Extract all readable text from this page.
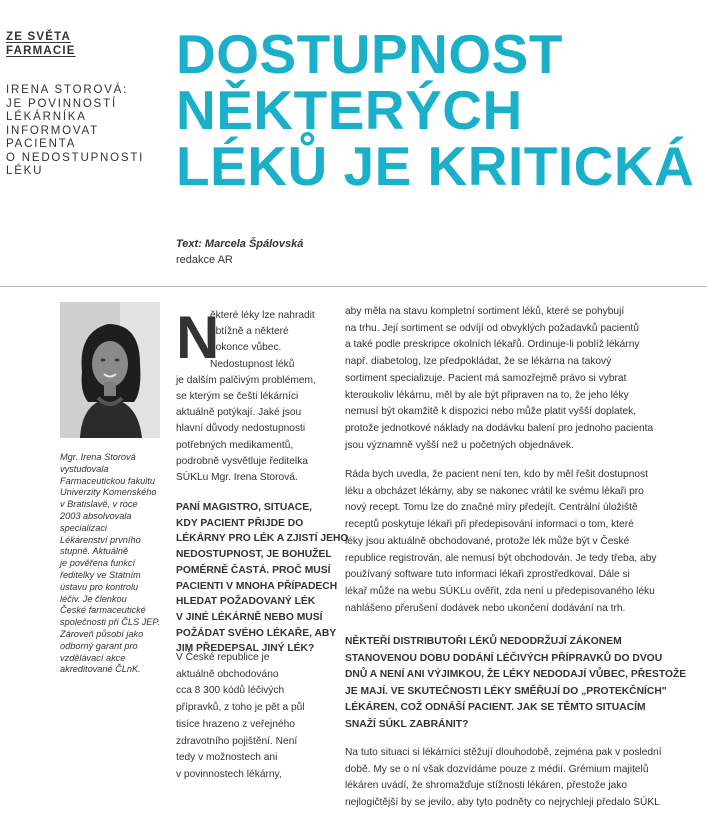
ZE SVĚTA
FARMACIE
IRENA STOROVÁ:
JE POVINNOSTÍ
LÉKÁRNÍKA
INFORMOVAT
PACIENTA
O NEDOSTUPNOSTI
LÉKU
DOSTUPNOST
NĚKTERÝCH
LÉKŮ JE KRITICKÁ
Text: Marcela Špálovská
redakce AR
Mgr. Irena Storová
vystudovala
Farmaceutickou fakultu
Univerzity Komenského
v Bratislavě, v roce
2003 absolvovala
specializaci
Lékárenství prvního
stupně. Aktuálně
je pověřena funkcí
ředitelky ve Státním
ústavu pro kontrolu
léčiv. Je členkou
České farmaceutické
společnosti při ČLS JEP.
Zároveň působí jako
odborný garant pro
vzdělávací akce
akreditované ČLnK.
N
ěkteré léky lze nahradit
obtížně a některé
dokonce vůbec.
Nedostupnost léků
je dalším palčivým problémem,
se kterým se češti lékárníci
aktuálně potýkají. Jaké jsou
hlavní důvody nedostupnosti
potřebných medikamentů,
podrobně vysvětluje ředitelka
SÚKLu Mgr. Irena Storová.
PANÍ MAGISTRO, SITUACE,
KDY PACIENT PŘIJDE DO
LÉKÁRNY PRO LÉK A ZJISTÍ JEHO
NEDOSTUPNOST, JE BOHUŽEL
POMĚRNĚ ČASTÁ. PROČ MUSÍ
PACIENTI V MNOHA PŘÍPADECH
HLEDAT POŽADOVANÝ LÉK
V JINÉ LÉKÁRNĚ NEBO MUSÍ
POŽÁDAT SVÉHO LÉKAŘE, ABY
JIM PŘEDEPSAL JINÝ LÉK?
V České republice je
aktuálně obchodováno
cca 8 300 kódů léčivých
přípravků, z toho je pět a půl
tisíce hrazeno z veřejného
zdravotního pojištění. Není
tedy v možnostech ani
v povinnostech lékárny,
aby měla na stavu kompletní sortiment léků, které se pohybují
na trhu. Její sortiment se odvíjí od obvyklých požadavků pacientů
a také podle preskripce okolních lékařů. Ordinuje-li poblíž lékárny
např. diabetolog, lze předpokládat, že se lékárna na takový
sortiment specializuje. Pacient má samozřejmě právo si vybrat
kteroukoliv lékárnu, měl by ale být připraven na to, že jeho léky
nemusí být okamžitě k dispozici nebo může platit vyšší doplatek,
protože jednotkové náklady na dodávku balení pro jednoho pacienta
jsou významně vyšší než u početných objednávek.
Ráda bych uvedla, že pacient není ten, kdo by měl řešit dostupnost
léku a obcházet lékárny, aby se nakonec vrátil ke svému lékaři pro
nový recept. Tomu lze do značné míry předejít. Centrální úložiště
receptů poskytuje lékaři při předepisování informaci o tom, které
léky jsou aktuálně obchodované, protože lék může být v České
republice registrován, ale nemusí být obchodován. Je tedy třeba, aby
používaný software tuto informaci lékaři zprostředkoval. Dále si
lékař může na webu SÚKLu ověřit, zda není u předepisovaného léku
nahlášeno přerušení dodávek nebo ukončení dodávání na trh.
NĚKTEŘÍ DISTRIBUTOŘI LÉKŮ NEDODRŽUJÍ ZÁKONEM
STANOVENOU DOBU DODÁNÍ LÉČIVÝCH PŘÍPRAVKŮ DO DVOU
DNŮ A NENÍ ANI VÝJIMKOU, ŽE LÉKY NEDODAJÍ VŮBEC, PŘESTOŽE
JE MAJÍ. VE SKUTEČNOSTI LÉKY SMĚŘUJÍ DO „PROTEKČNÍCH"
LÉKÁREN, COŽ ODNÁŠÍ PACIENT. JAK SE TĚMTO SITUACÍM
SNAŽÍ SÚKL ZABRÁNIT?
Na tuto situaci si lékárníci stěžují dlouhodobě, zejména pak v poslední
době. My se o ní však dozvídáme pouze z médií. Grémium majitelů
lékáren uvádí, že shromažďuje stížnosti lékáren, přestože jako
nejlogičtější by se jevilo, aby tyto podněty co nejrychleji předalo SÚKL
